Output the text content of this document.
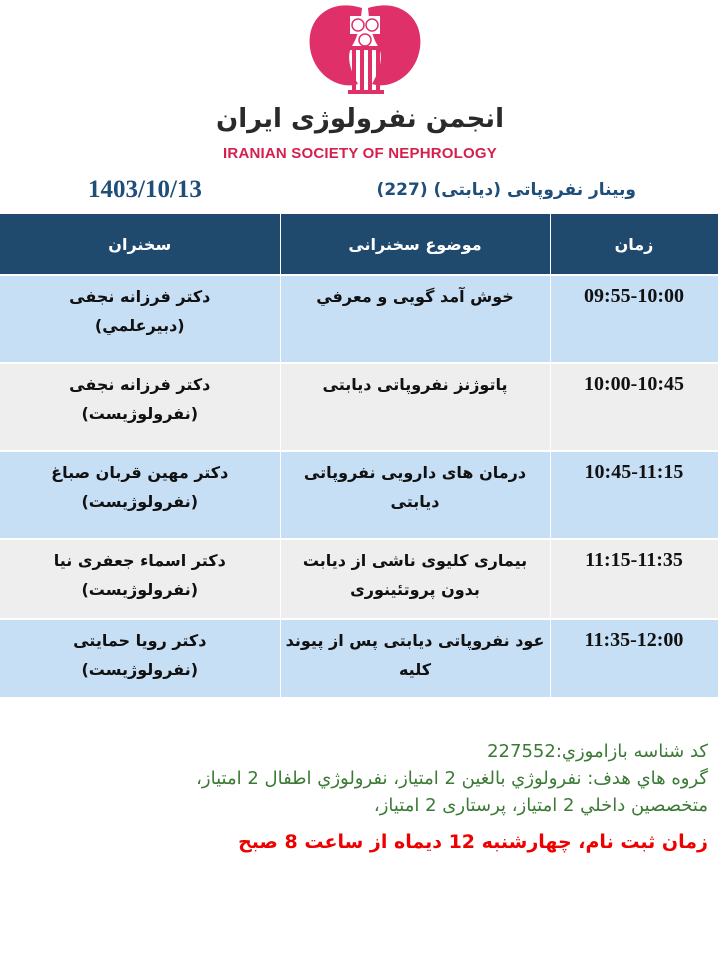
انجمن نفرولوژی ایران
IRANIAN SOCIETY OF NEPHROLOGY
1403/10/13	وبینار نفروپاتی (دیابتی) (227)
سخنران	موضوع سخنرانی	زمان

دکتر فرزانه نجفی
(دبيرعلمي)	خوش آمد گویی و معرفي	09:55-10:00

دکتر فرزانه نجفی
(نفرولوژیست)	پاتوژنز نفروپاتی دیابتی	10:00-10:45

دکتر مهین قربان صباغ
(نفرولوژیست)	درمان های دارویی نفروپاتی دیابتی	10:45-11:15

دکتر اسماء جعفری نیا
(نفرولوژیست)	بیماری کلیوی ناشی از دیابت بدون پروتئینوری	11:15-11:35

دکتر رویا حمایتی
(نفرولوژیست)	عود نفروپاتی دیابتی پس از پیوند کلیه	11:35-12:00
کد شناسه بازاموزي:227552
گروه هاي هدف: نفرولوژي بالغين 2 امتیاز، نفرولوژي اطفال 2 امتیاز،
متخصصين داخلي 2 امتیاز، پرستاری 2 امتیاز،
زمان ثبت نام، چهارشنبه 12 دیماه از ساعت 8 صبح
